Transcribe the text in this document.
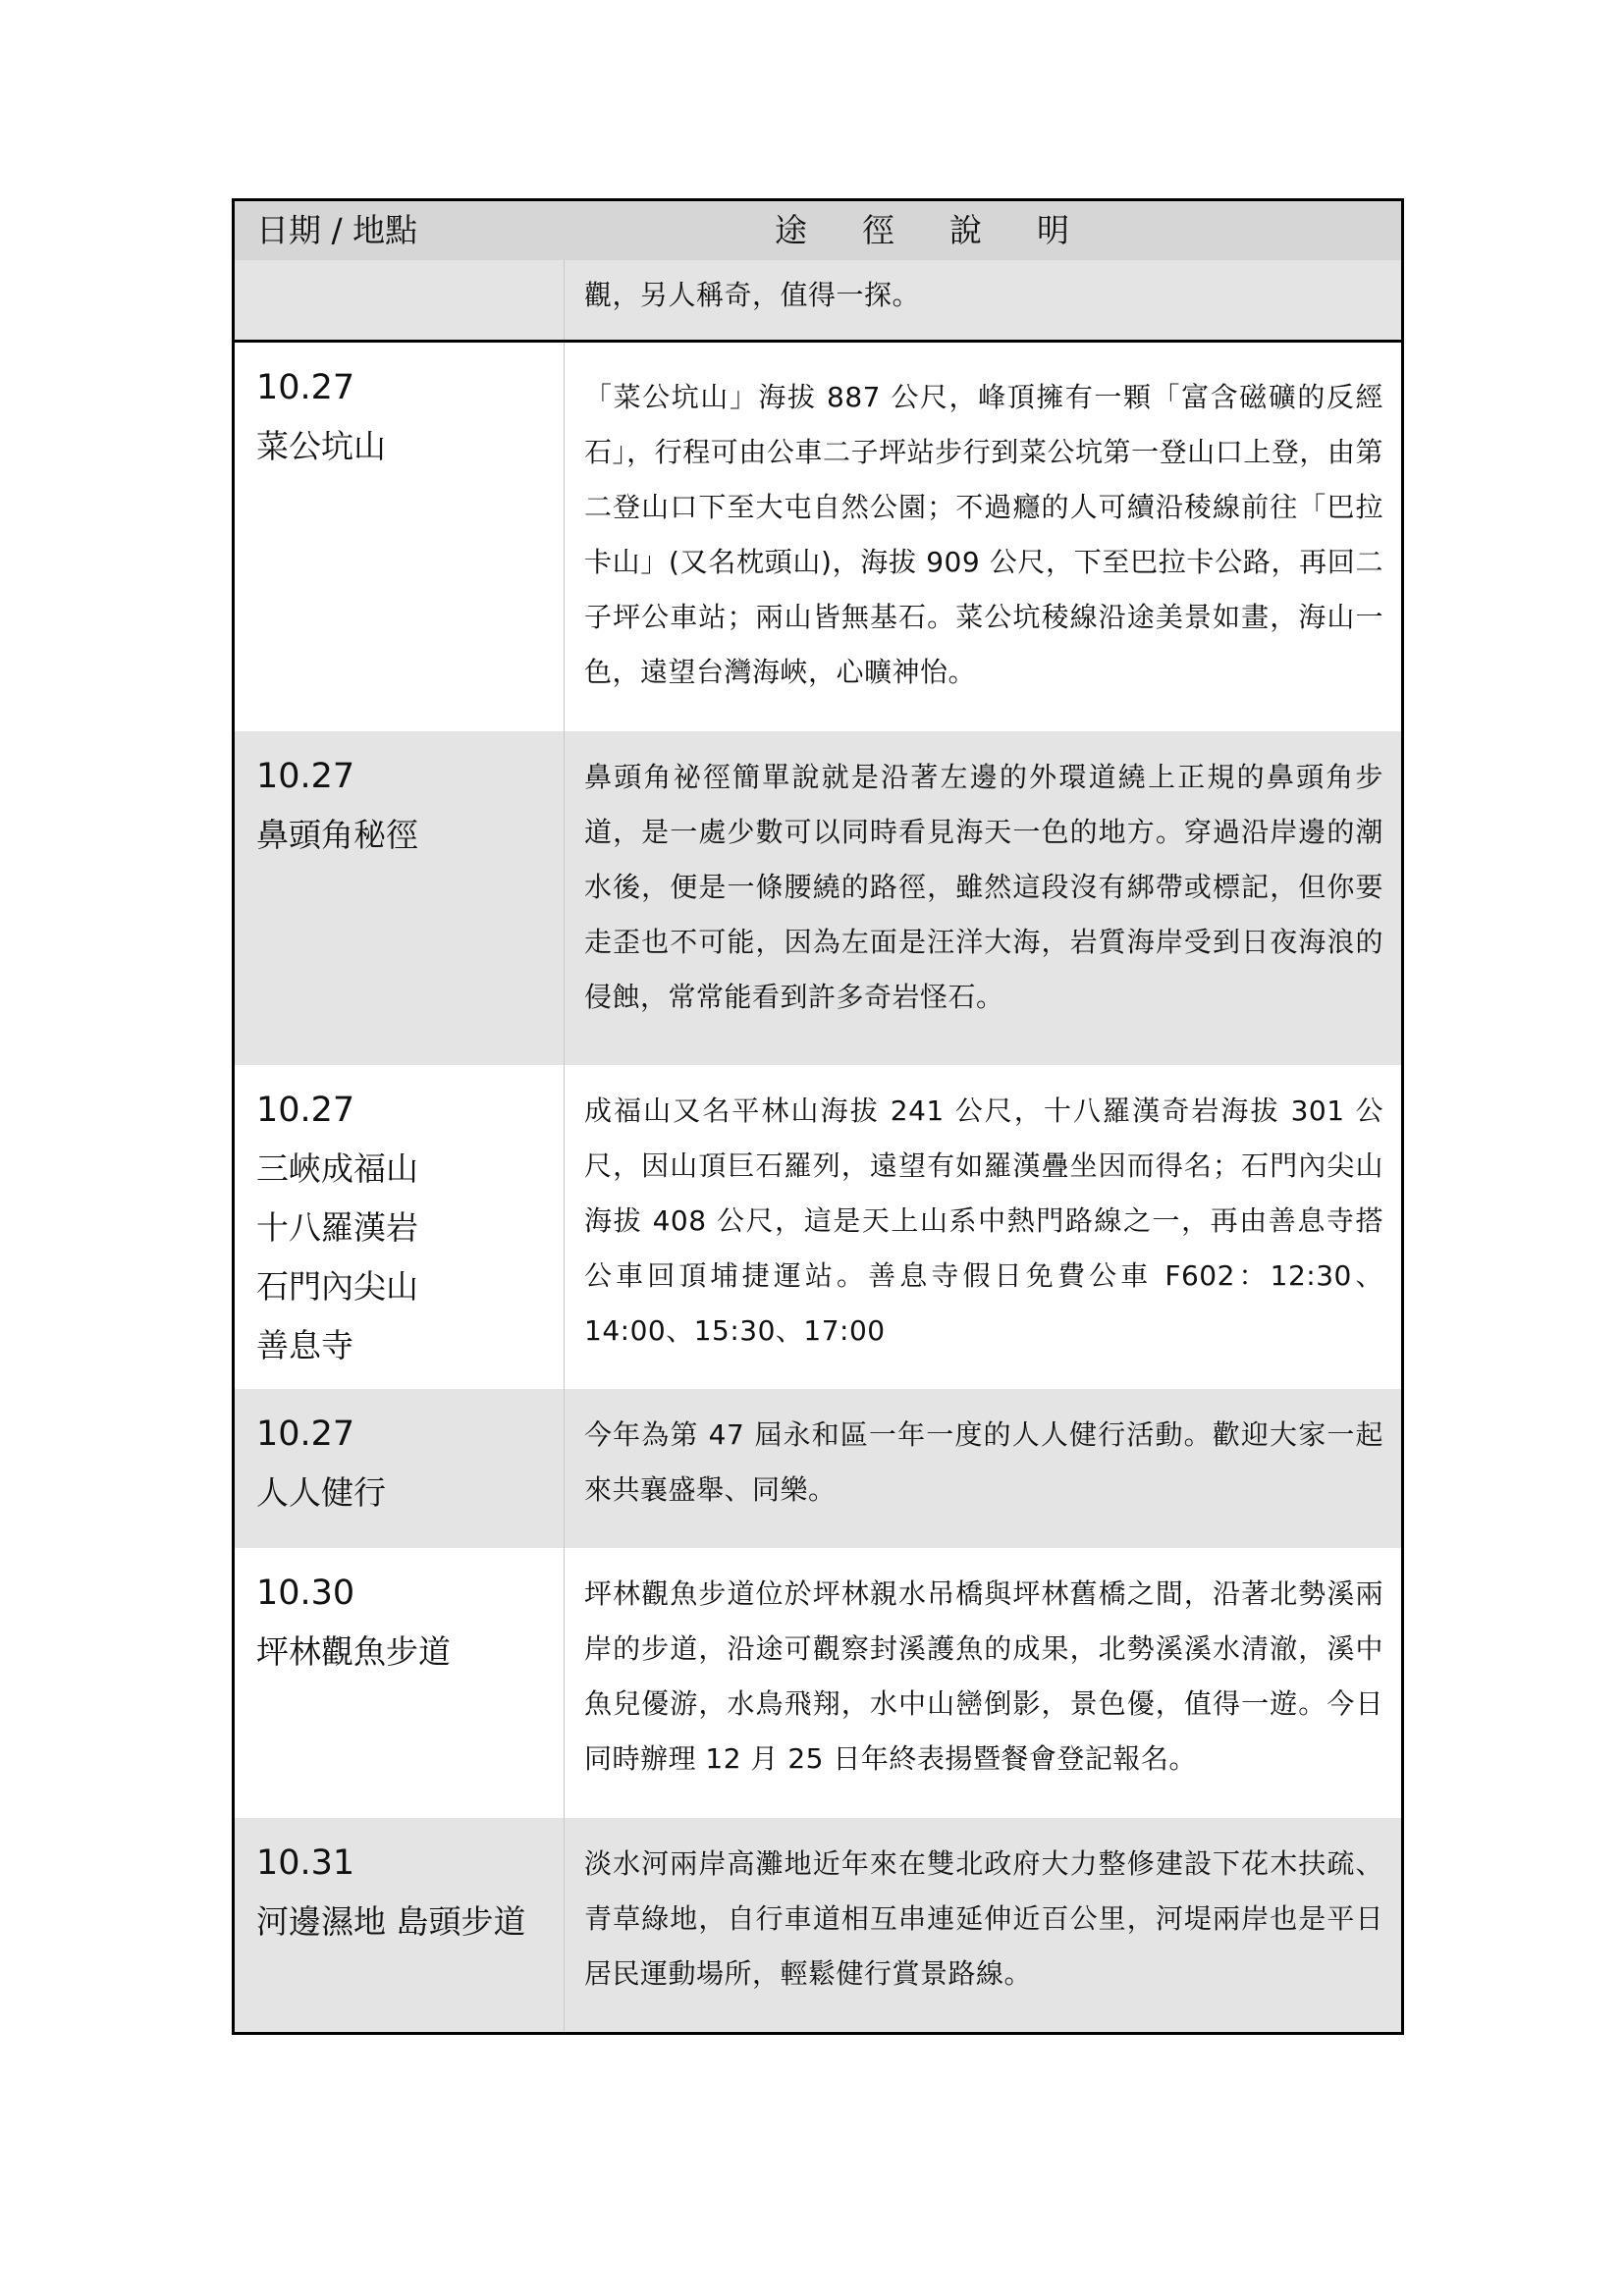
日期 / 地點	途徑說明
觀，另人稱奇，值得一探。
10.27
菜公坑山
「菜公坑山」海拔 887 公尺，峰頂擁有一顆「富含磁礦的反經石」，行程可由公車二子坪站步行到菜公坑第一登山口上登，由第二登山口下至大屯自然公園；不過癮的人可續沿稜線前往「巴拉卡山」(又名枕頭山)，海拔 909 公尺，下至巴拉卡公路，再回二子坪公車站；兩山皆無基石。菜公坑稜線沿途美景如畫，海山一色，遠望台灣海峽，心曠神怡。
10.27
鼻頭角秘徑
鼻頭角祕徑簡單說就是沿著左邊的外環道繞上正規的鼻頭角步道，是一處少數可以同時看見海天一色的地方。穿過沿岸邊的潮水後，便是一條腰繞的路徑，雖然這段沒有綁帶或標記，但你要走歪也不可能，因為左面是汪洋大海，岩質海岸受到日夜海浪的侵蝕，常常能看到許多奇岩怪石。
10.27
三峽成福山
十八羅漢岩
石門內尖山
善息寺
成福山又名平林山海拔 241 公尺，十八羅漢奇岩海拔 301 公尺，因山頂巨石羅列，遠望有如羅漢疊坐因而得名；石門內尖山海拔 408 公尺，這是天上山系中熱門路線之一，再由善息寺搭公車回頂埔捷運站。善息寺假日免費公車 F602：12:30、14:00、15:30、17:00
10.27
人人健行
今年為第 47 屆永和區一年一度的人人健行活動。歡迎大家一起來共襄盛舉、同樂。
10.30
坪林觀魚步道
坪林觀魚步道位於坪林親水吊橋與坪林舊橋之間，沿著北勢溪兩岸的步道，沿途可觀察封溪護魚的成果，北勢溪溪水清澈，溪中魚兒優游，水鳥飛翔，水中山巒倒影，景色優，值得一遊。今日同時辦理 12 月 25 日年終表揚暨餐會登記報名。
10.31
河邊濕地 島頭步道
淡水河兩岸高灘地近年來在雙北政府大力整修建設下花木扶疏、青草綠地，自行車道相互串連延伸近百公里，河堤兩岸也是平日居民運動場所，輕鬆健行賞景路線。
